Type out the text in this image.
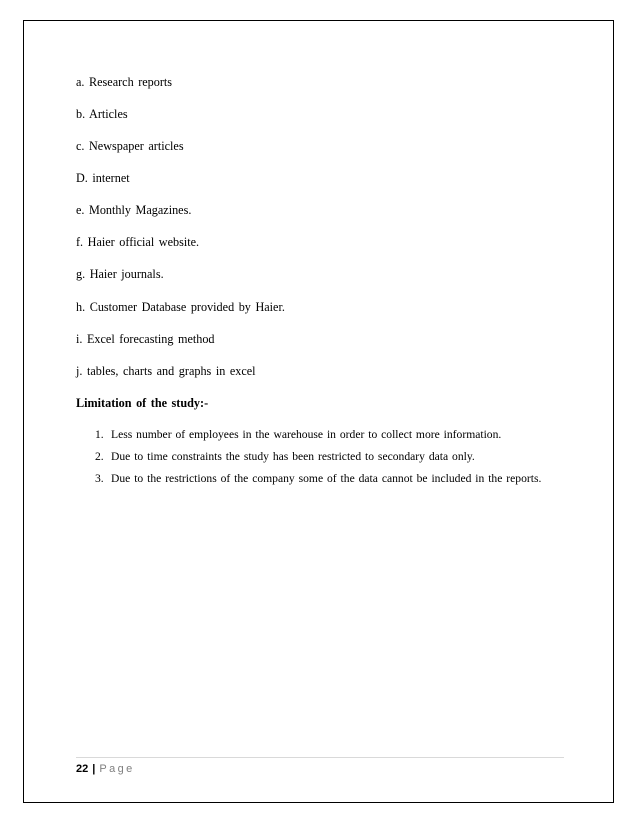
a. Research reports
b. Articles
c. Newspaper articles
D. internet
e. Monthly Magazines.
f. Haier official website.
g. Haier journals.
h. Customer Database provided by Haier.
i. Excel forecasting method
j. tables, charts and graphs in excel
Limitation of the study:-
1. Less number of employees in the warehouse in order to collect more information.
2. Due to time constraints the study has been restricted to secondary data only.
3. Due to the restrictions of the company some of the data cannot be included in the reports.
22 | Page
